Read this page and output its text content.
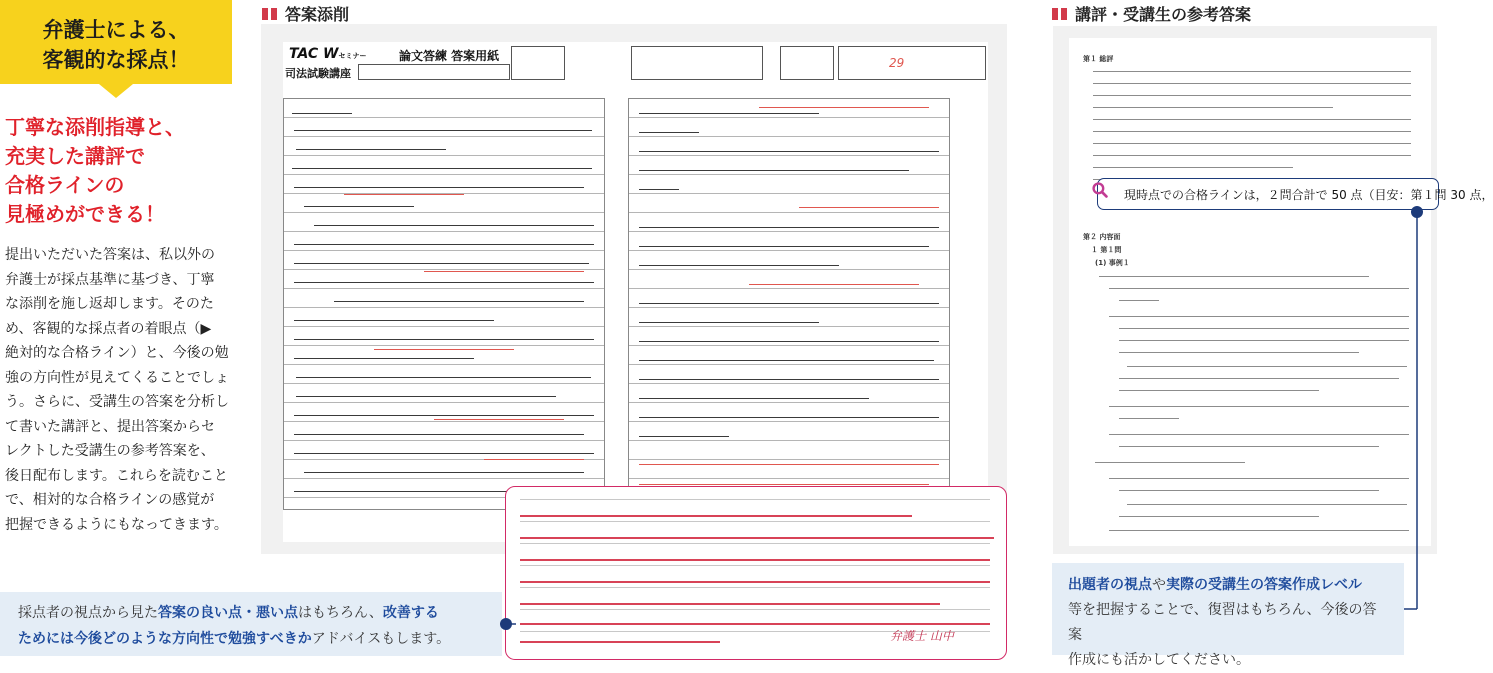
弁護士による、
客観的な採点！
丁寧な添削指導と、
充実した講評で
合格ラインの
見極めができる！

提出いただいた答案は、私以外の

弁護士が採点基準に基づき、丁寧

な添削を施し返却します。そのた

め、客観的な採点者の着眼点（▶

絶対的な合格ライン）と、今後の勉

強の方向性が見えてくることでしょ

う。さらに、受講生の答案を分析し

て書いた講評と、提出答案からセ

レクトした受講生の参考答案を、

後日配布します。これらを読むこと

で、相対的な合格ラインの感覚が

把握できるようにもなってきます。

答案添削	講評・受講生の参考答案
TAC Wセミナー
司法試験講座
論文答練 答案用紙	29	第１ 総評
第２ 内容面
１ 第１問
(1) 事例１
現時点での合格ラインは，２問合計で 50 点（目安：第１問 30 点，
弁護士 山中
採点者の視点から見た答案の良い点・悪い点はもちろん、改善する
ためには今後どのような方向性で勉強すべきかアドバイスもします。
出題者の視点や実際の受講生の答案作成レベル
等を把握することで、復習はもちろん、今後の答案
作成にも活かしてください。
